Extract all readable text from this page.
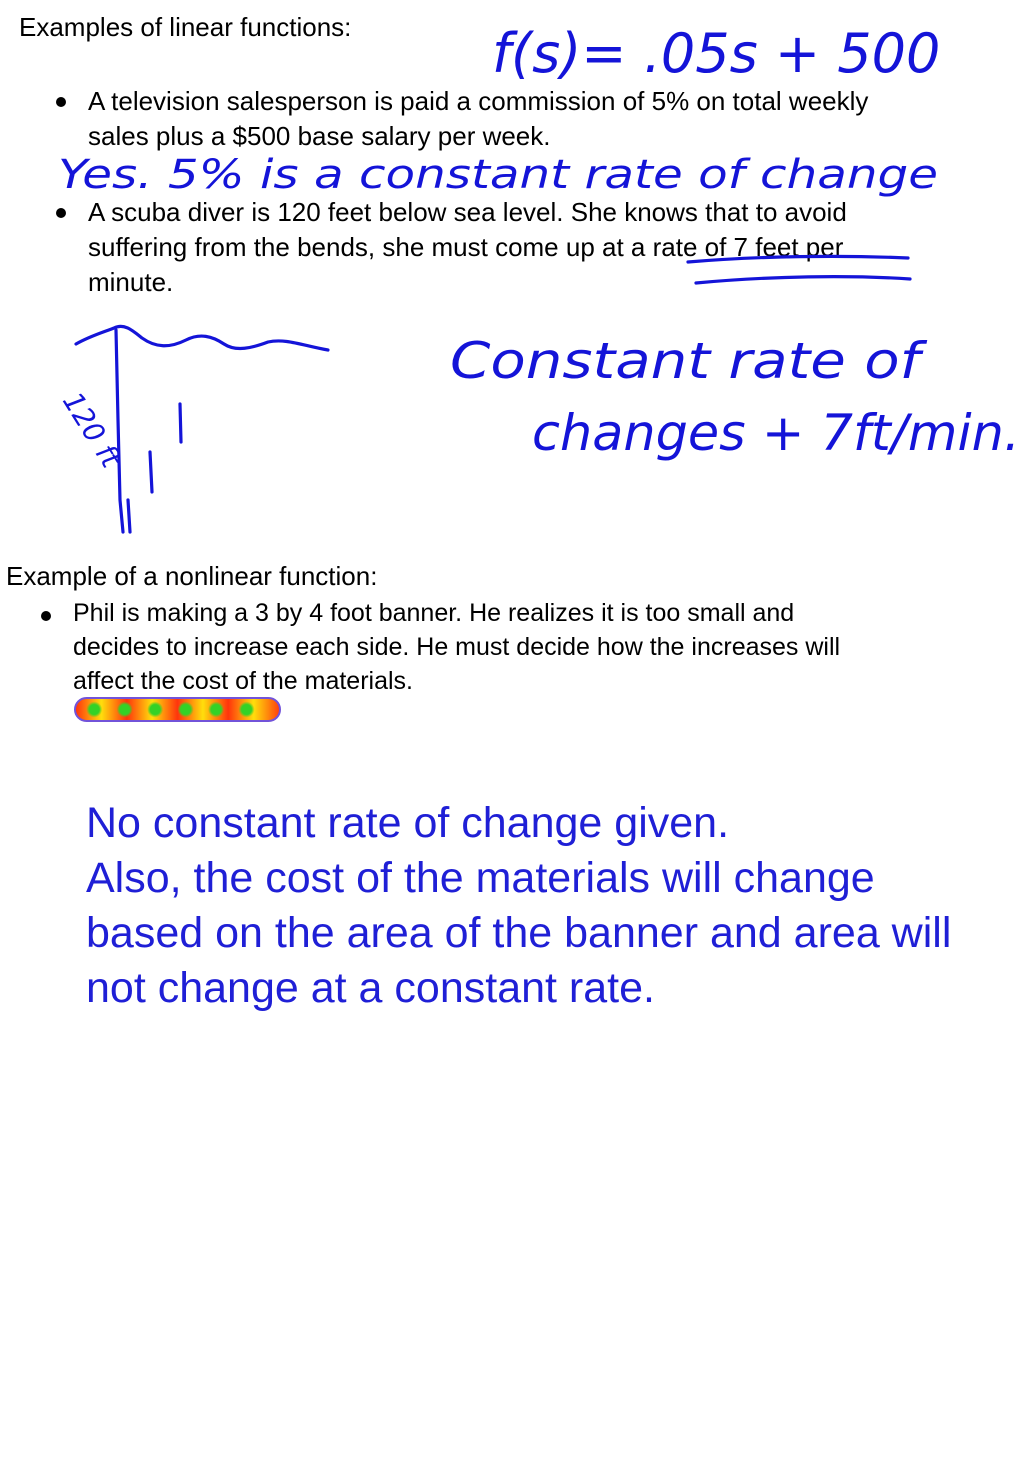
Examples of linear functions:
A television salesperson is paid a commission of 5% on total weekly
sales plus a $500 base salary per week.
A scuba diver is 120 feet below sea level. She knows that to avoid
suffering from the bends, she must come up at a rate of 7 feet per
minute.
Example of a nonlinear function:
Phil is making a 3 by 4 foot banner. He realizes it is too small and
decides to increase each side. He must decide how the increases will
affect the cost of the materials.
f(s)= .05s + 500
Yes. 5% is a constant rate of change
120 ft
Constant rate of
changes + 7ft/min.
No constant rate of change given.
Also, the cost of the materials will change
based on the area of the banner and area will
not change at a constant rate.
